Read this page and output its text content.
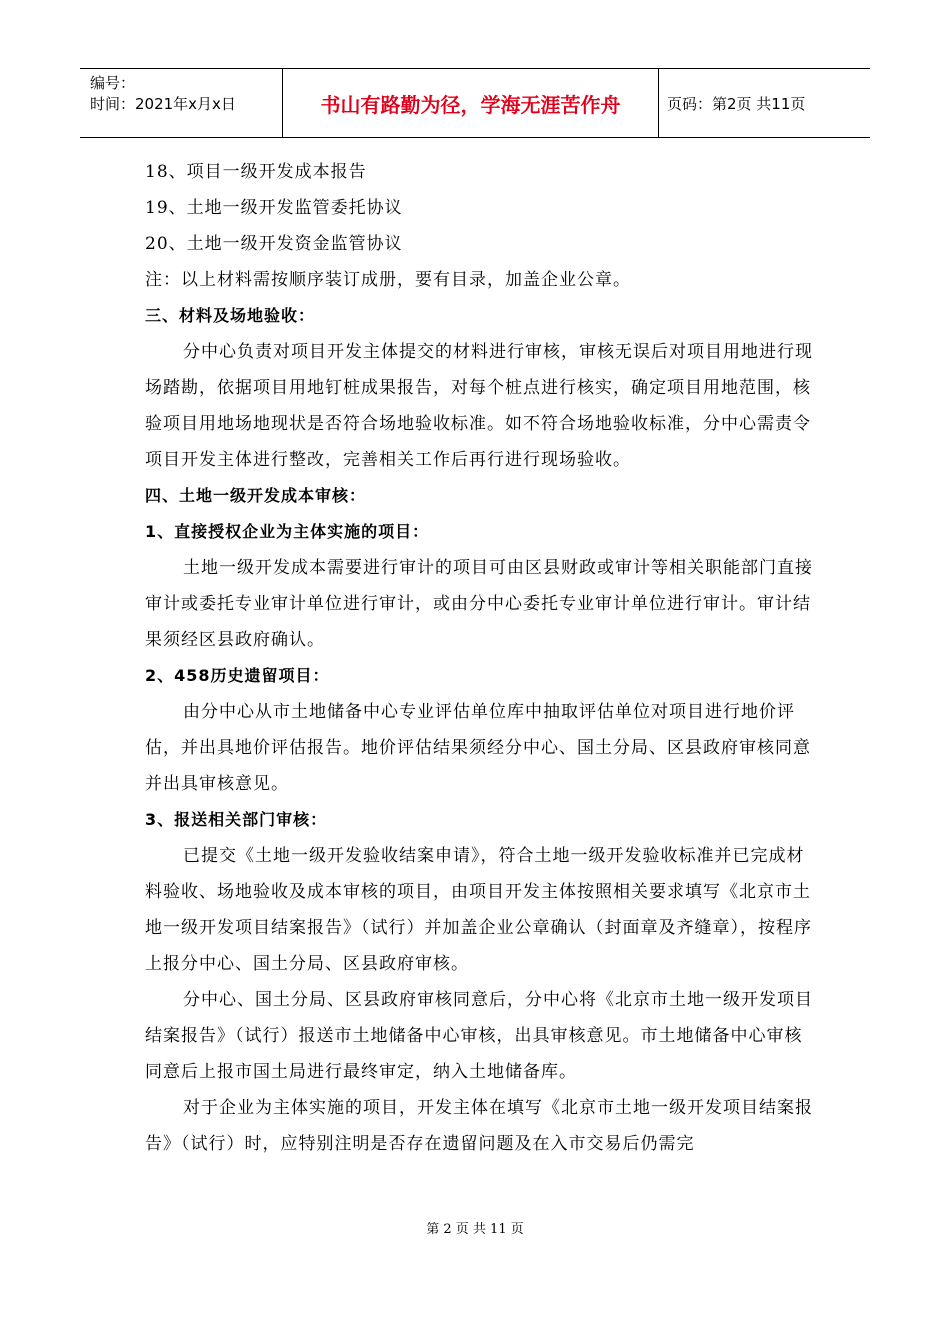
编号：
时间：2021年x月x日	书山有路勤为径，学海无涯苦作舟	页码：第2页 共11页

18、项目一级开发成本报告

19、土地一级开发监管委托协议

20、土地一级开发资金监管协议

注：以上材料需按顺序装订成册，要有目录，加盖企业公章。

三、材料及场地验收：

分中心负责对项目开发主体提交的材料进行审核，审核无误后对项目用地进行现场踏勘，依据项目用地钉桩成果报告，对每个桩点进行核实，确定项目用地范围，核验项目用地场地现状是否符合场地验收标准。如不符合场地验收标准，分中心需责令项目开发主体进行整改，完善相关工作后再行进行现场验收。

四、土地一级开发成本审核：

1、直接授权企业为主体实施的项目：

土地一级开发成本需要进行审计的项目可由区县财政或审计等相关职能部门直接审计或委托专业审计单位进行审计，或由分中心委托专业审计单位进行审计。审计结果须经区县政府确认。

2、458历史遗留项目：

由分中心从市土地储备中心专业评估单位库中抽取评估单位对项目进行地价评估，并出具地价评估报告。地价评估结果须经分中心、国土分局、区县政府审核同意并出具审核意见。

3、报送相关部门审核：

已提交《土地一级开发验收结案申请》，符合土地一级开发验收标准并已完成材料验收、场地验收及成本审核的项目，由项目开发主体按照相关要求填写《北京市土地一级开发项目结案报告》（试行）并加盖企业公章确认（封面章及齐缝章），按程序上报分中心、国土分局、区县政府审核。

分中心、国土分局、区县政府审核同意后，分中心将《北京市土地一级开发项目结案报告》（试行）报送市土地储备中心审核，出具审核意见。市土地储备中心审核同意后上报市国土局进行最终审定，纳入土地储备库。

对于企业为主体实施的项目，开发主体在填写《北京市土地一级开发项目结案报告》（试行）时，应特别注明是否存在遗留问题及在入市交易后仍需完

第 2 页 共 11 页
